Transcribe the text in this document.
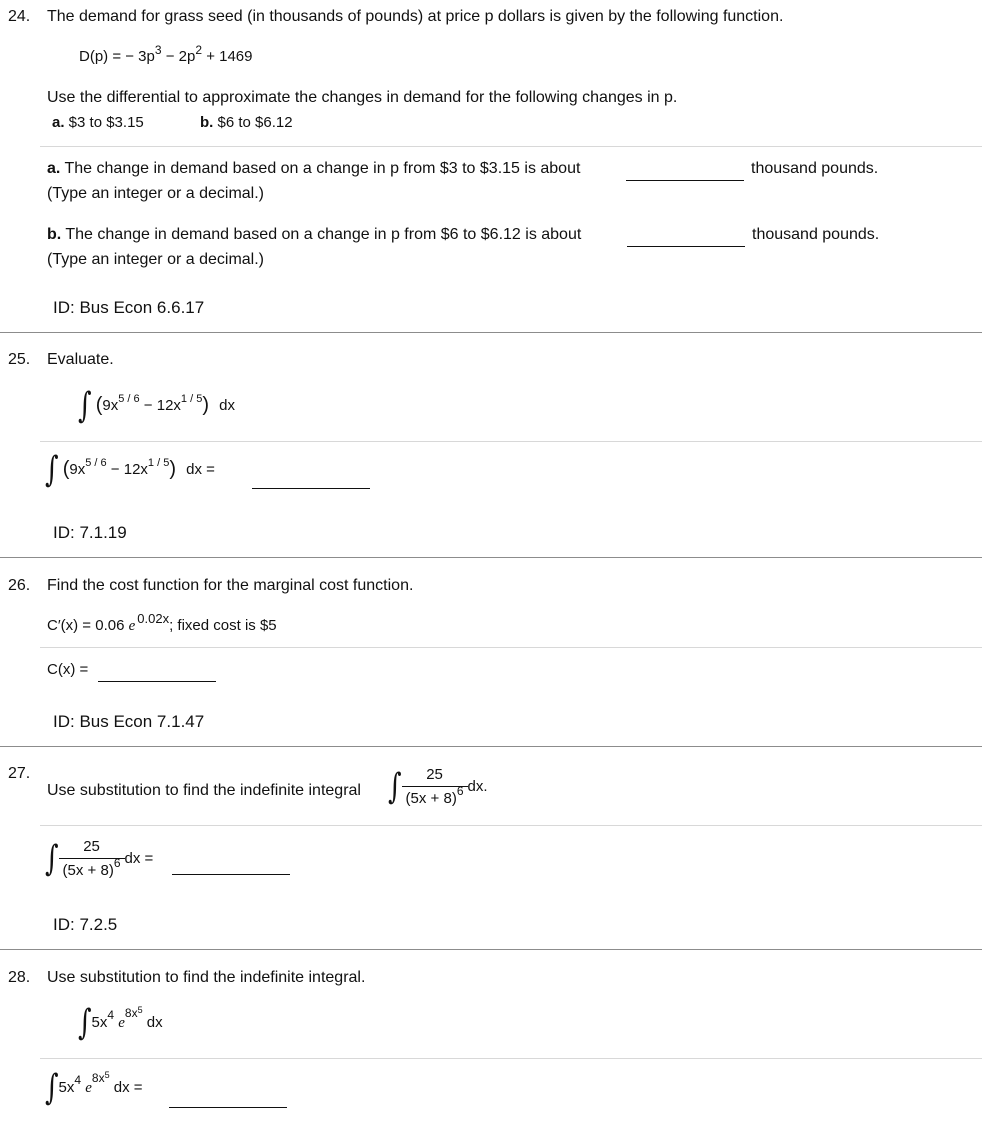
24. The demand for grass seed (in thousands of pounds) at price p dollars is given by the following function.
D(p) = − $3p^3 - 2p^2 + 1469$
Use the differential to approximate the changes in demand for the following changes in p.
a. $3 to $3.15	b. $6 to $6.12
a. The change in demand based on a change in p from $3 to $3.15 is about	thousand pounds.
(Type an integer or a decimal.)
b. The change in demand based on a change in p from $6 to $6.12 is about	thousand pounds.
(Type an integer or a decimal.)
ID: Bus Econ 6.6.17
25. Evaluate.
∫ $(9x^{5 / 6} - 12x^{1 / 5})$ dx
∫ $(9x^{5 / 6} - 12x^{1 / 5})$ dx =
ID: 7.1.19
26. Find the cost function for the marginal cost function.
C′(x) = 0.06 e 0.02x; fixed cost is $5
C(x) =
ID: Bus Econ 7.1.47
27.
Use substitution to find the indefinite integral ∫ $\frac{25}{(5x + 8)^6}$ dx.
∫ $\frac{25}{(5x + 8)^6}$ dx =
ID: 7.2.5
28. Use substitution to find the indefinite integral.
$\int 5x^4$ $e^{8x^5}$ dx
$\int 5x^4$ $e^{8x^5}$ dx =
